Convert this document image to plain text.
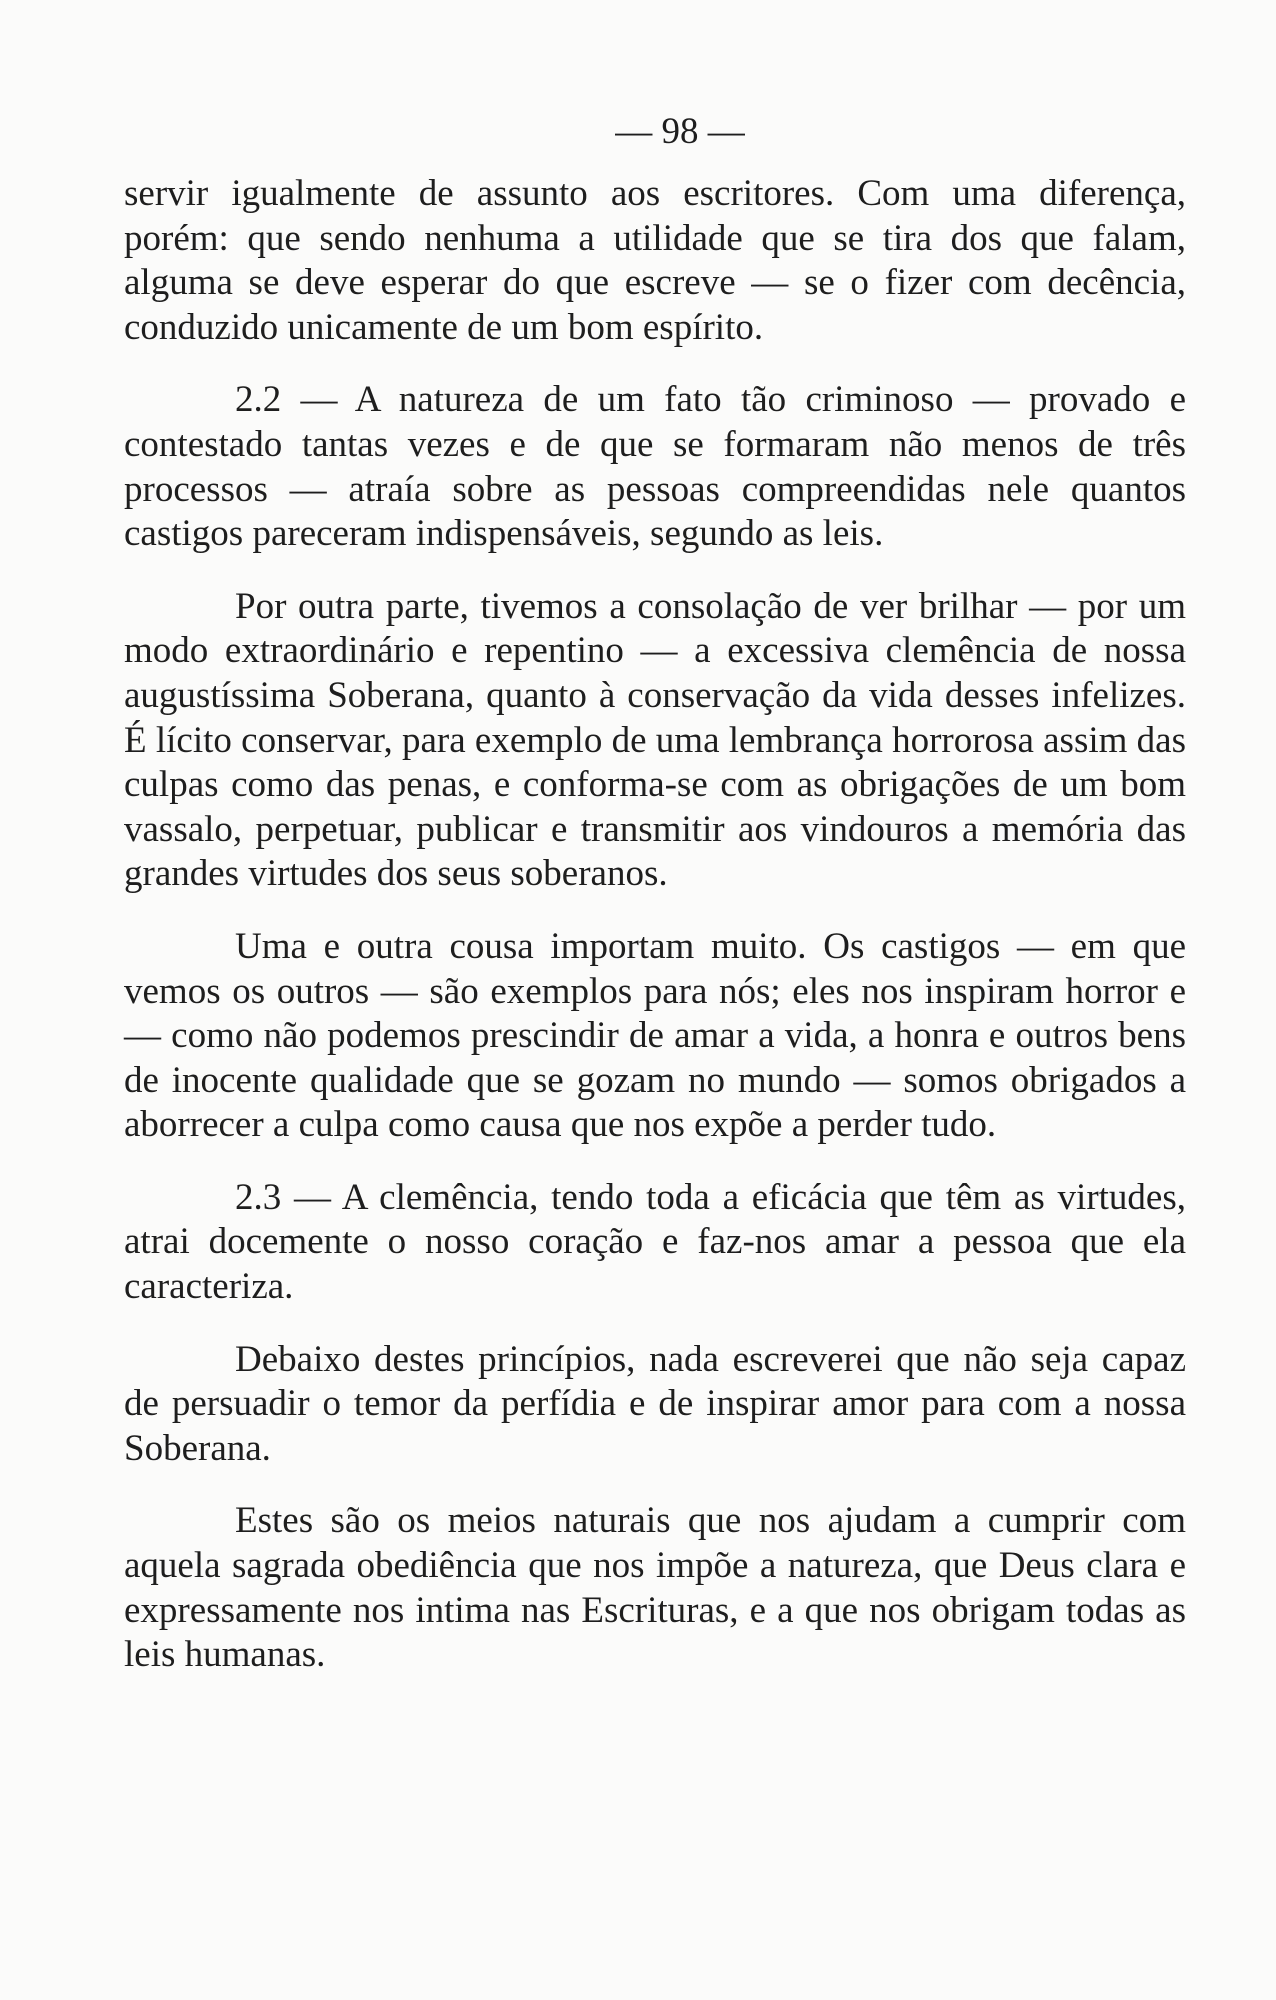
— 98 —

servir igualmente de assunto aos escritores. Com uma diferença, porém: que sendo nenhuma a utilidade que se tira dos que falam, alguma se deve esperar do que escreve — se o fizer com decência, conduzido unicamente de um bom espírito.

2.2 — A natureza de um fato tão criminoso — provado e contestado tantas vezes e de que se formaram não menos de três processos — atraía sobre as pessoas compreendidas nele quantos castigos pareceram indispensáveis, segundo as leis.

Por outra parte, tivemos a consolação de ver brilhar — por um modo extraordinário e repentino — a excessiva clemência de nossa augustíssima Soberana, quanto à conservação da vida desses infelizes. É lícito conservar, para exemplo de uma lembrança horrorosa assim das culpas como das penas, e conforma-se com as obrigações de um bom vassalo, perpetuar, publicar e transmitir aos vindouros a memória das grandes virtudes dos seus soberanos.

Uma e outra cousa importam muito. Os castigos — em que vemos os outros — são exemplos para nós; eles nos inspiram horror e — como não podemos prescindir de amar a vida, a honra e outros bens de inocente qualidade que se gozam no mundo — somos obrigados a aborrecer a culpa como causa que nos expõe a perder tudo.

2.3 — A clemência, tendo toda a eficácia que têm as virtudes, atrai docemente o nosso coração e faz-nos amar a pessoa que ela caracteriza.

Debaixo destes princípios, nada escreverei que não seja capaz de persuadir o temor da perfídia e de inspirar amor para com a nossa Soberana.

Estes são os meios naturais que nos ajudam a cumprir com aquela sagrada obediência que nos impõe a natureza, que Deus clara e expressamente nos intima nas Escrituras, e a que nos obrigam todas as leis humanas.
